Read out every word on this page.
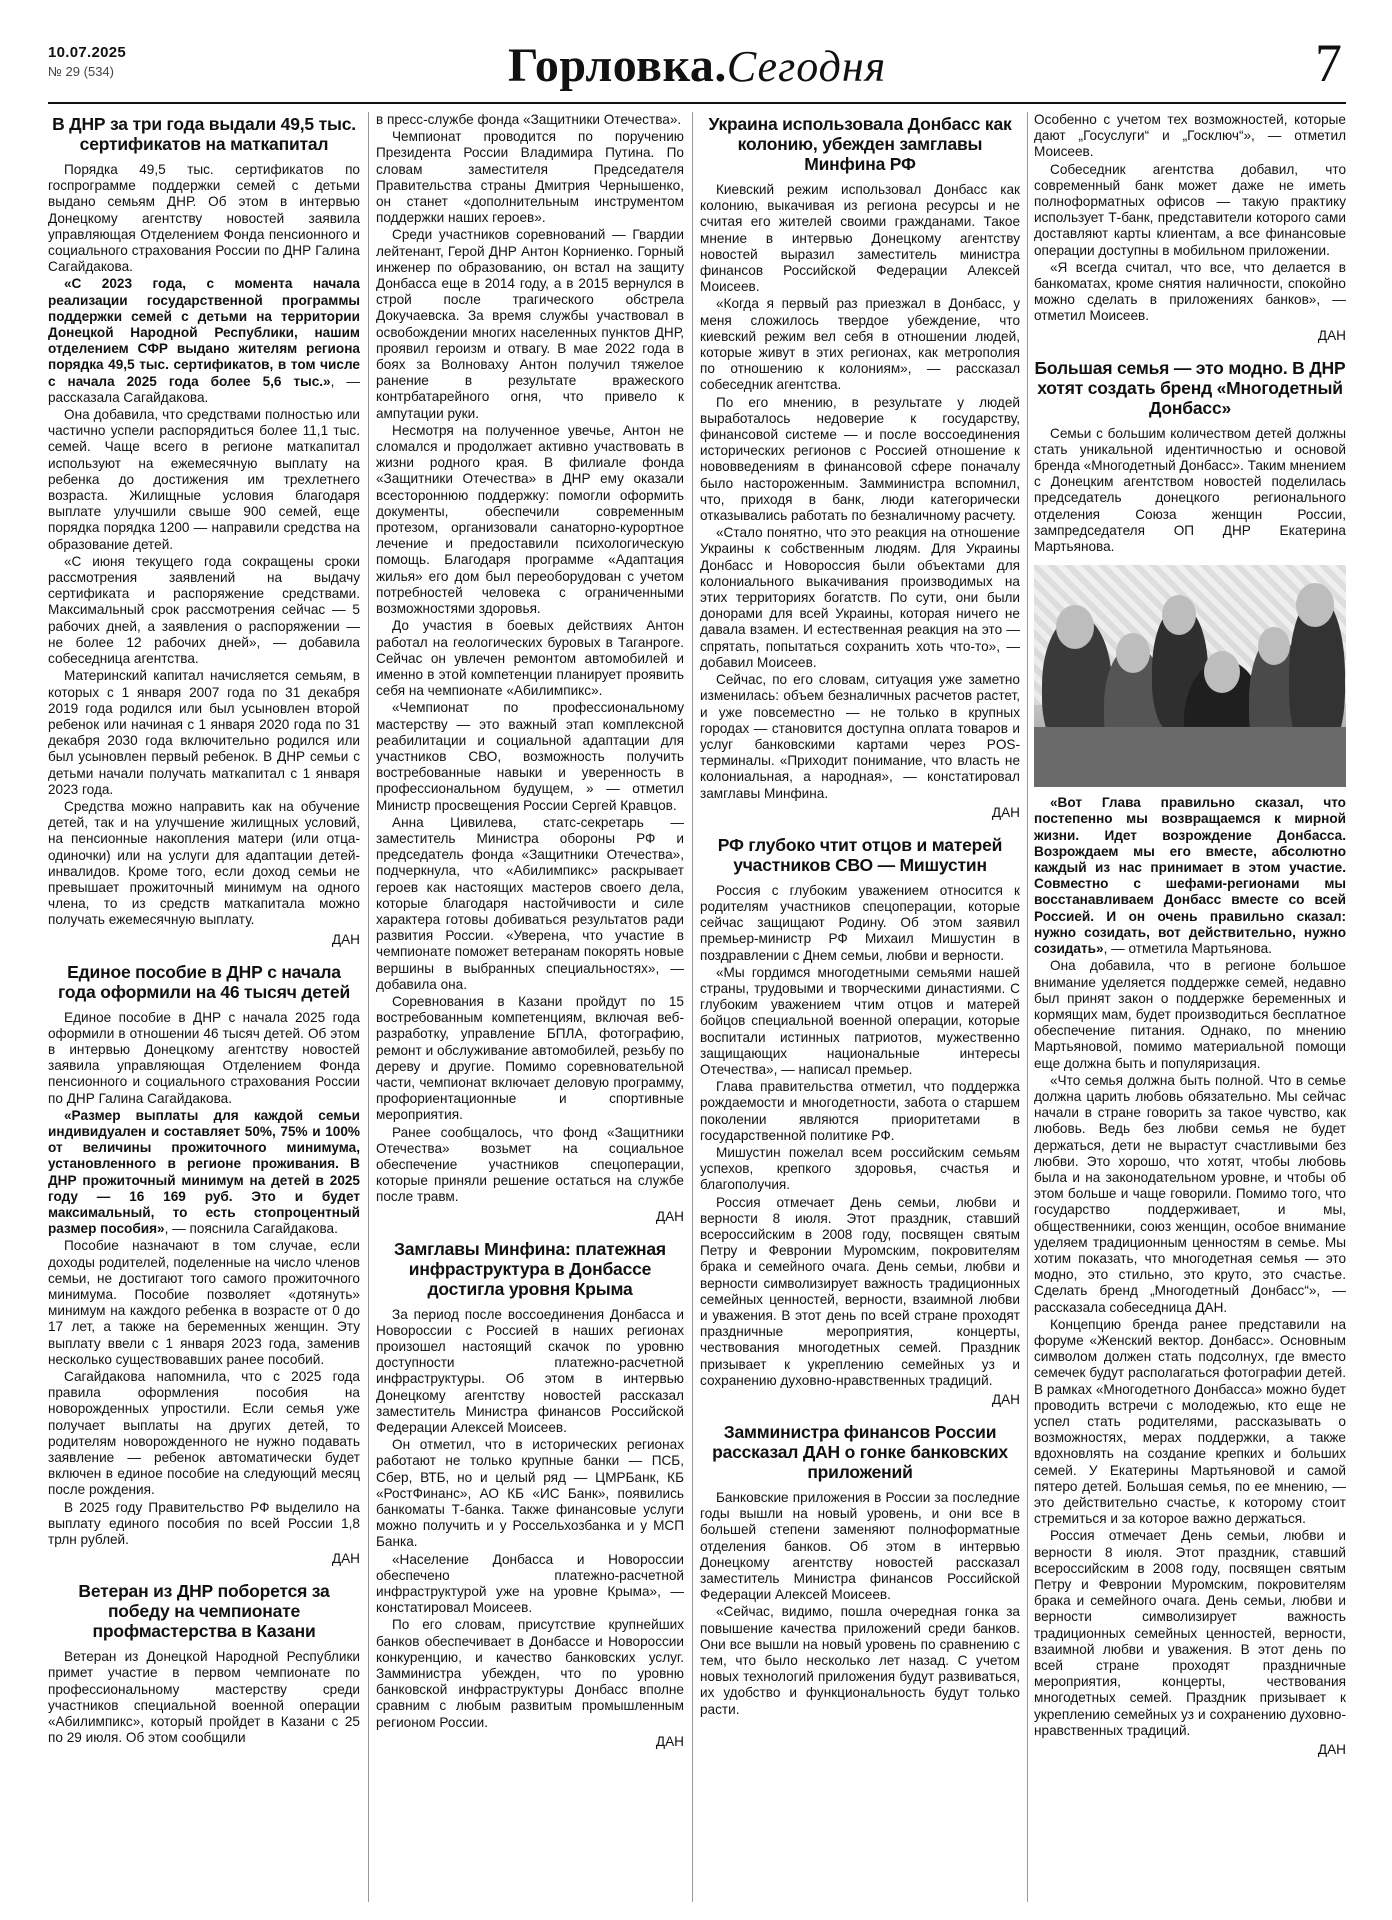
10.07.2025
№ 29 (534)	Горловка.Сегодня	7
В ДНР за три года выдали 49,5 тыс. сертификатов на маткапитал

Порядка 49,5 тыс. сертификатов по госпрограмме поддержки семей с детьми выдано семьям ДНР. Об этом в интервью Донецкому агентству новостей заявила управляющая Отделением Фонда пенсионного и социального страхования России по ДНР Галина Сагайдакова.

«С 2023 года, с момента начала реализации государственной программы поддержки семей с детьми на территории Донецкой Народной Республики, нашим отделением СФР выдано жителям региона порядка 49,5 тыс. сертификатов, в том числе с начала 2025 года более 5,6 тыс.», — рассказала Сагайдакова.

Она добавила, что средствами полностью или частично успели распорядиться более 11,1 тыс. семей. Чаще всего в регионе маткапитал используют на ежемесячную выплату на ребенка до достижения им трехлетнего возраста. Жилищные условия благодаря выплате улучшили свыше 900 семей, еще порядка порядка 1200 — направили средства на образование детей.

«С июня текущего года сокращены сроки рассмотрения заявлений на выдачу сертификата и распоряжение средствами. Максимальный срок рассмотрения сейчас — 5 рабочих дней, а заявления о распоряжении — не более 12 рабочих дней», — добавила собеседница агентства.

Материнский капитал начисляется семьям, в которых с 1 января 2007 года по 31 декабря 2019 года родился или был усыновлен второй ребенок или начиная с 1 января 2020 года по 31 декабря 2030 года включительно родился или был усыновлен первый ребенок. В ДНР семьи с детьми начали получать маткапитал с 1 января 2023 года.

Средства можно направить как на обучение детей, так и на улучшение жилищных условий, на пенсионные накопления матери (или отца-одиночки) или на услуги для адаптации детей-инвалидов. Кроме того, если доход семьи не превышает прожиточный минимум на одного члена, то из средств маткапитала можно получать ежемесячную выплату.

ДАН
Единое пособие в ДНР с начала года оформили на 46 тысяч детей

Единое пособие в ДНР с начала 2025 года оформили в отношении 46 тысяч детей. Об этом в интервью Донецкому агентству новостей заявила управляющая Отделением Фонда пенсионного и социального страхования России по ДНР Галина Сагайдакова.

«Размер выплаты для каждой семьи индивидуален и составляет 50%, 75% и 100% от величины прожиточного минимума, установленного в регионе проживания. В ДНР прожиточный минимум на детей в 2025 году — 16 169 руб. Это и будет максимальный, то есть стопроцентный размер пособия», — пояснила Сагайдакова.

Пособие назначают в том случае, если доходы родителей, поделенные на число членов семьи, не достигают того самого прожиточного минимума. Пособие позволяет «дотянуть» минимум на каждого ребенка в возрасте от 0 до 17 лет, а также на беременных женщин. Эту выплату ввели с 1 января 2023 года, заменив несколько существовавших ранее пособий.

Сагайдакова напомнила, что с 2025 года правила оформления пособия на новорожденных упростили. Если семья уже получает выплаты на других детей, то родителям новорожденного не нужно подавать заявление — ребенок автоматически будет включен в единое пособие на следующий месяц после рождения.

В 2025 году Правительство РФ выделило на выплату единого пособия по всей России 1,8 трлн рублей.

ДАН
Ветеран из ДНР поборется за победу на чемпионате профмастерства в Казани

Ветеран из Донецкой Народной Республики примет участие в первом чемпионате по профессиональному мастерству среди участников специальной военной операции «Абилимпикс», который пройдет в Казани с 25 по 29 июля. Об этом сообщили

в пресс-службе фонда «Защитники Отечества».

Чемпионат проводится по поручению Президента России Владимира Путина. По словам заместителя Председателя Правительства страны Дмитрия Чернышенко, он станет «дополнительным инструментом поддержки наших героев».

Среди участников соревнований — Гвардии лейтенант, Герой ДНР Антон Корниенко. Горный инженер по образованию, он встал на защиту Донбасса еще в 2014 году, а в 2015 вернулся в строй после трагического обстрела Докучаевска. За время службы участвовал в освобождении многих населенных пунктов ДНР, проявил героизм и отвагу. В мае 2022 года в боях за Волноваху Антон получил тяжелое ранение в результате вражеского контрбатарейного огня, что привело к ампутации руки.

Несмотря на полученное увечье, Антон не сломался и продолжает активно участвовать в жизни родного края. В филиале фонда «Защитники Отечества» в ДНР ему оказали всестороннюю поддержку: помогли оформить документы, обеспечили современным протезом, организовали санаторно-курортное лечение и предоставили психологическую помощь. Благодаря программе «Адаптация жилья» его дом был переоборудован с учетом потребностей человека с ограниченными возможностями здоровья.

До участия в боевых действиях Антон работал на геологических буровых в Таганроге. Сейчас он увлечен ремонтом автомобилей и именно в этой компетенции планирует проявить себя на чемпионате «Абилимпикс».

«Чемпионат по профессиональному мастерству — это важный этап комплексной реабилитации и социальной адаптации для участников СВО, возможность получить востребованные навыки и уверенность в профессиональном будущем, » — отметил Министр просвещения России Сергей Кравцов.

Анна Цивилева, статс-секретарь — заместитель Министра обороны РФ и председатель фонда «Защитники Отечества», подчеркнула, что «Абилимпикс» раскрывает героев как настоящих мастеров своего дела, которые благодаря настойчивости и силе характера готовы добиваться результатов ради развития России. «Уверена, что участие в чемпионате поможет ветеранам покорять новые вершины в выбранных специальностях», — добавила она.

Соревнования в Казани пройдут по 15 востребованным компетенциям, включая веб-разработку, управление БПЛА, фотографию, ремонт и обслуживание автомобилей, резьбу по дереву и другие. Помимо соревновательной части, чемпионат включает деловую программу, профориентационные и спортивные мероприятия.

Ранее сообщалось, что фонд «Защитники Отечества» возьмет на социальное обеспечение участников спецоперации, которые приняли решение остаться на службе после травм.

ДАН
Замглавы Минфина: платежная инфраструктура в Донбассе достигла уровня Крыма

За период после воссоединения Донбасса и Новороссии с Россией в наших регионах произошел настоящий скачок по уровню доступности платежно-расчетной инфраструктуры. Об этом в интервью Донецкому агентству новостей рассказал заместитель Министра финансов Российской Федерации Алексей Моисеев.

Он отметил, что в исторических регионах работают не только крупные банки — ПСБ, Сбер, ВТБ, но и целый ряд — ЦМРБанк, КБ «РостФинанс», АО КБ «ИС Банк», появились банкоматы Т-банка. Также финансовые услуги можно получить и у Россельхозбанка и у МСП Банка.

«Население Донбасса и Новороссии обеспечено платежно-расчетной инфраструктурой уже на уровне Крыма», — констатировал Моисеев.

По его словам, присутствие крупнейших банков обеспечивает в Донбассе и Новороссии конкуренцию, и качество банковских услуг. Замминистра убежден, что по уровню банковской инфраструктуры Донбасс вполне сравним с любым развитым промышленным регионом России.

ДАН
Украина использовала Донбасс как колонию, убежден замглавы Минфина РФ

Киевский режим использовал Донбасс как колонию, выкачивая из региона ресурсы и не считая его жителей своими гражданами. Такое мнение в интервью Донецкому агентству новостей выразил заместитель министра финансов Российской Федерации Алексей Моисеев.

«Когда я первый раз приезжал в Донбасс, у меня сложилось твердое убеждение, что киевский режим вел себя в отношении людей, которые живут в этих регионах, как метрополия по отношению к колониям», — рассказал собеседник агентства.

По его мнению, в результате у людей выработалось недоверие к государству, финансовой системе — и после воссоединения исторических регионов с Россией отношение к нововведениям в финансовой сфере поначалу было настороженным. Замминистра вспомнил, что, приходя в банк, люди категорически отказывались работать по безналичному расчету.

«Стало понятно, что это реакция на отношение Украины к собственным людям. Для Украины Донбасс и Новороссия были объектами для колониального выкачивания производимых на этих территориях богатств. По сути, они были донорами для всей Украины, которая ничего не давала взамен. И естественная реакция на это — спрятать, попытаться сохранить хоть что-то», — добавил Моисеев.

Сейчас, по его словам, ситуация уже заметно изменилась: объем безналичных расчетов растет, и уже повсеместно — не только в крупных городах — становится доступна оплата товаров и услуг банковскими картами через POS-терминалы. «Приходит понимание, что власть не колониальная, а народная», — констатировал замглавы Минфина.

ДАН
РФ глубоко чтит отцов и матерей участников СВО — Мишустин

Россия с глубоким уважением относится к родителям участников спецоперации, которые сейчас защищают Родину. Об этом заявил премьер-министр РФ Михаил Мишустин в поздравлении с Днем семьи, любви и верности.

«Мы гордимся многодетными семьями нашей страны, трудовыми и творческими династиями. С глубоким уважением чтим отцов и матерей бойцов специальной военной операции, которые воспитали истинных патриотов, мужественно защищающих национальные интересы Отечества», — написал премьер.

Глава правительства отметил, что поддержка рождаемости и многодетности, забота о старшем поколении являются приоритетами в государственной политике РФ.

Мишустин пожелал всем российским семьям успехов, крепкого здоровья, счастья и благополучия.

Россия отмечает День семьи, любви и верности 8 июля. Этот праздник, ставший всероссийским в 2008 году, посвящен святым Петру и Февронии Муромским, покровителям брака и семейного очага. День семьи, любви и верности символизирует важность традиционных семейных ценностей, верности, взаимной любви и уважения. В этот день по всей стране проходят праздничные мероприятия, концерты, чествования многодетных семей. Праздник призывает к укреплению семейных уз и сохранению духовно-нравственных традиций.

ДАН
Замминистра финансов России рассказал ДАН о гонке банковских приложений

Банковские приложения в России за последние годы вышли на новый уровень, и они все в большей степени заменяют полноформатные отделения банков. Об этом в интервью Донецкому агентству новостей рассказал заместитель Министра финансов Российской Федерации Алексей Моисеев.

«Сейчас, видимо, пошла очередная гонка за повышение качества приложений среди банков. Они все вышли на новый уровень по сравнению с тем, что было несколько лет назад. С учетом новых технологий приложения будут развиваться, их удобство и функциональность будут только расти.

Особенно с учетом тех возможностей, которые дают „Госуслуги“ и „Госключ“», — отметил Моисеев.

Собеседник агентства добавил, что современный банк может даже не иметь полноформатных офисов — такую практику использует Т-банк, представители которого сами доставляют карты клиентам, а все финансовые операции доступны в мобильном приложении.

«Я всегда считал, что все, что делается в банкоматах, кроме снятия наличности, спокойно можно сделать в приложениях банков», — отметил Моисеев.

ДАН
Большая семья — это модно. В ДНР хотят создать бренд «Многодетный Донбасс»

Семьи с большим количеством детей должны стать уникальной идентичностью и основой бренда «Многодетный Донбасс». Таким мнением с Донецким агентством новостей поделилась председатель донецкого регионального отделения Союза женщин России, зампредседателя ОП ДНР Екатерина Мартьянова.

«Вот Глава правильно сказал, что постепенно мы возвращаемся к мирной жизни. Идет возрождение Донбасса. Возрождаем мы его вместе, абсолютно каждый из нас принимает в этом участие. Совместно с шефами-регионами мы восстанавливаем Донбасс вместе со всей Россией. И он очень правильно сказал: нужно созидать, вот действительно, нужно созидать», — отметила Мартьянова.

Она добавила, что в регионе большое внимание уделяется поддержке семей, недавно был принят закон о поддержке беременных и кормящих мам, будет производиться бесплатное обеспечение питания. Однако, по мнению Мартьяновой, помимо материальной помощи еще должна быть и популяризация.

«Что семья должна быть полной. Что в семье должна царить любовь обязательно. Мы сейчас начали в стране говорить за такое чувство, как любовь. Ведь без любви семья не будет держаться, дети не вырастут счастливыми без любви. Это хорошо, что хотят, чтобы любовь была и на законодательном уровне, и чтобы об этом больше и чаще говорили. Помимо того, что государство поддерживает, и мы, общественники, союз женщин, особое внимание уделяем традиционным ценностям в семье. Мы хотим показать, что многодетная семья — это модно, это стильно, это круто, это счастье. Сделать бренд „Многодетный Донбасс“», — рассказала собеседница ДАН.

Концепцию бренда ранее представили на форуме «Женский вектор. Донбасс». Основным символом должен стать подсолнух, где вместо семечек будут располагаться фотографии детей. В рамках «Многодетного Донбасса» можно будет проводить встречи с молодежью, кто еще не успел стать родителями, рассказывать о возможностях, мерах поддержки, а также вдохновлять на создание крепких и больших семей. У Екатерины Мартьяновой и самой пятеро детей. Большая семья, по ее мнению, — это действительно счастье, к которому стоит стремиться и за которое важно держаться.

Россия отмечает День семьи, любви и верности 8 июля. Этот праздник, ставший всероссийским в 2008 году, посвящен святым Петру и Февронии Муромским, покровителям брака и семейного очага. День семьи, любви и верности символизирует важность традиционных семейных ценностей, верности, взаимной любви и уважения. В этот день по всей стране проходят праздничные мероприятия, концерты, чествования многодетных семей. Праздник призывает к укреплению семейных уз и сохранению духовно-нравственных традиций.

ДАН
